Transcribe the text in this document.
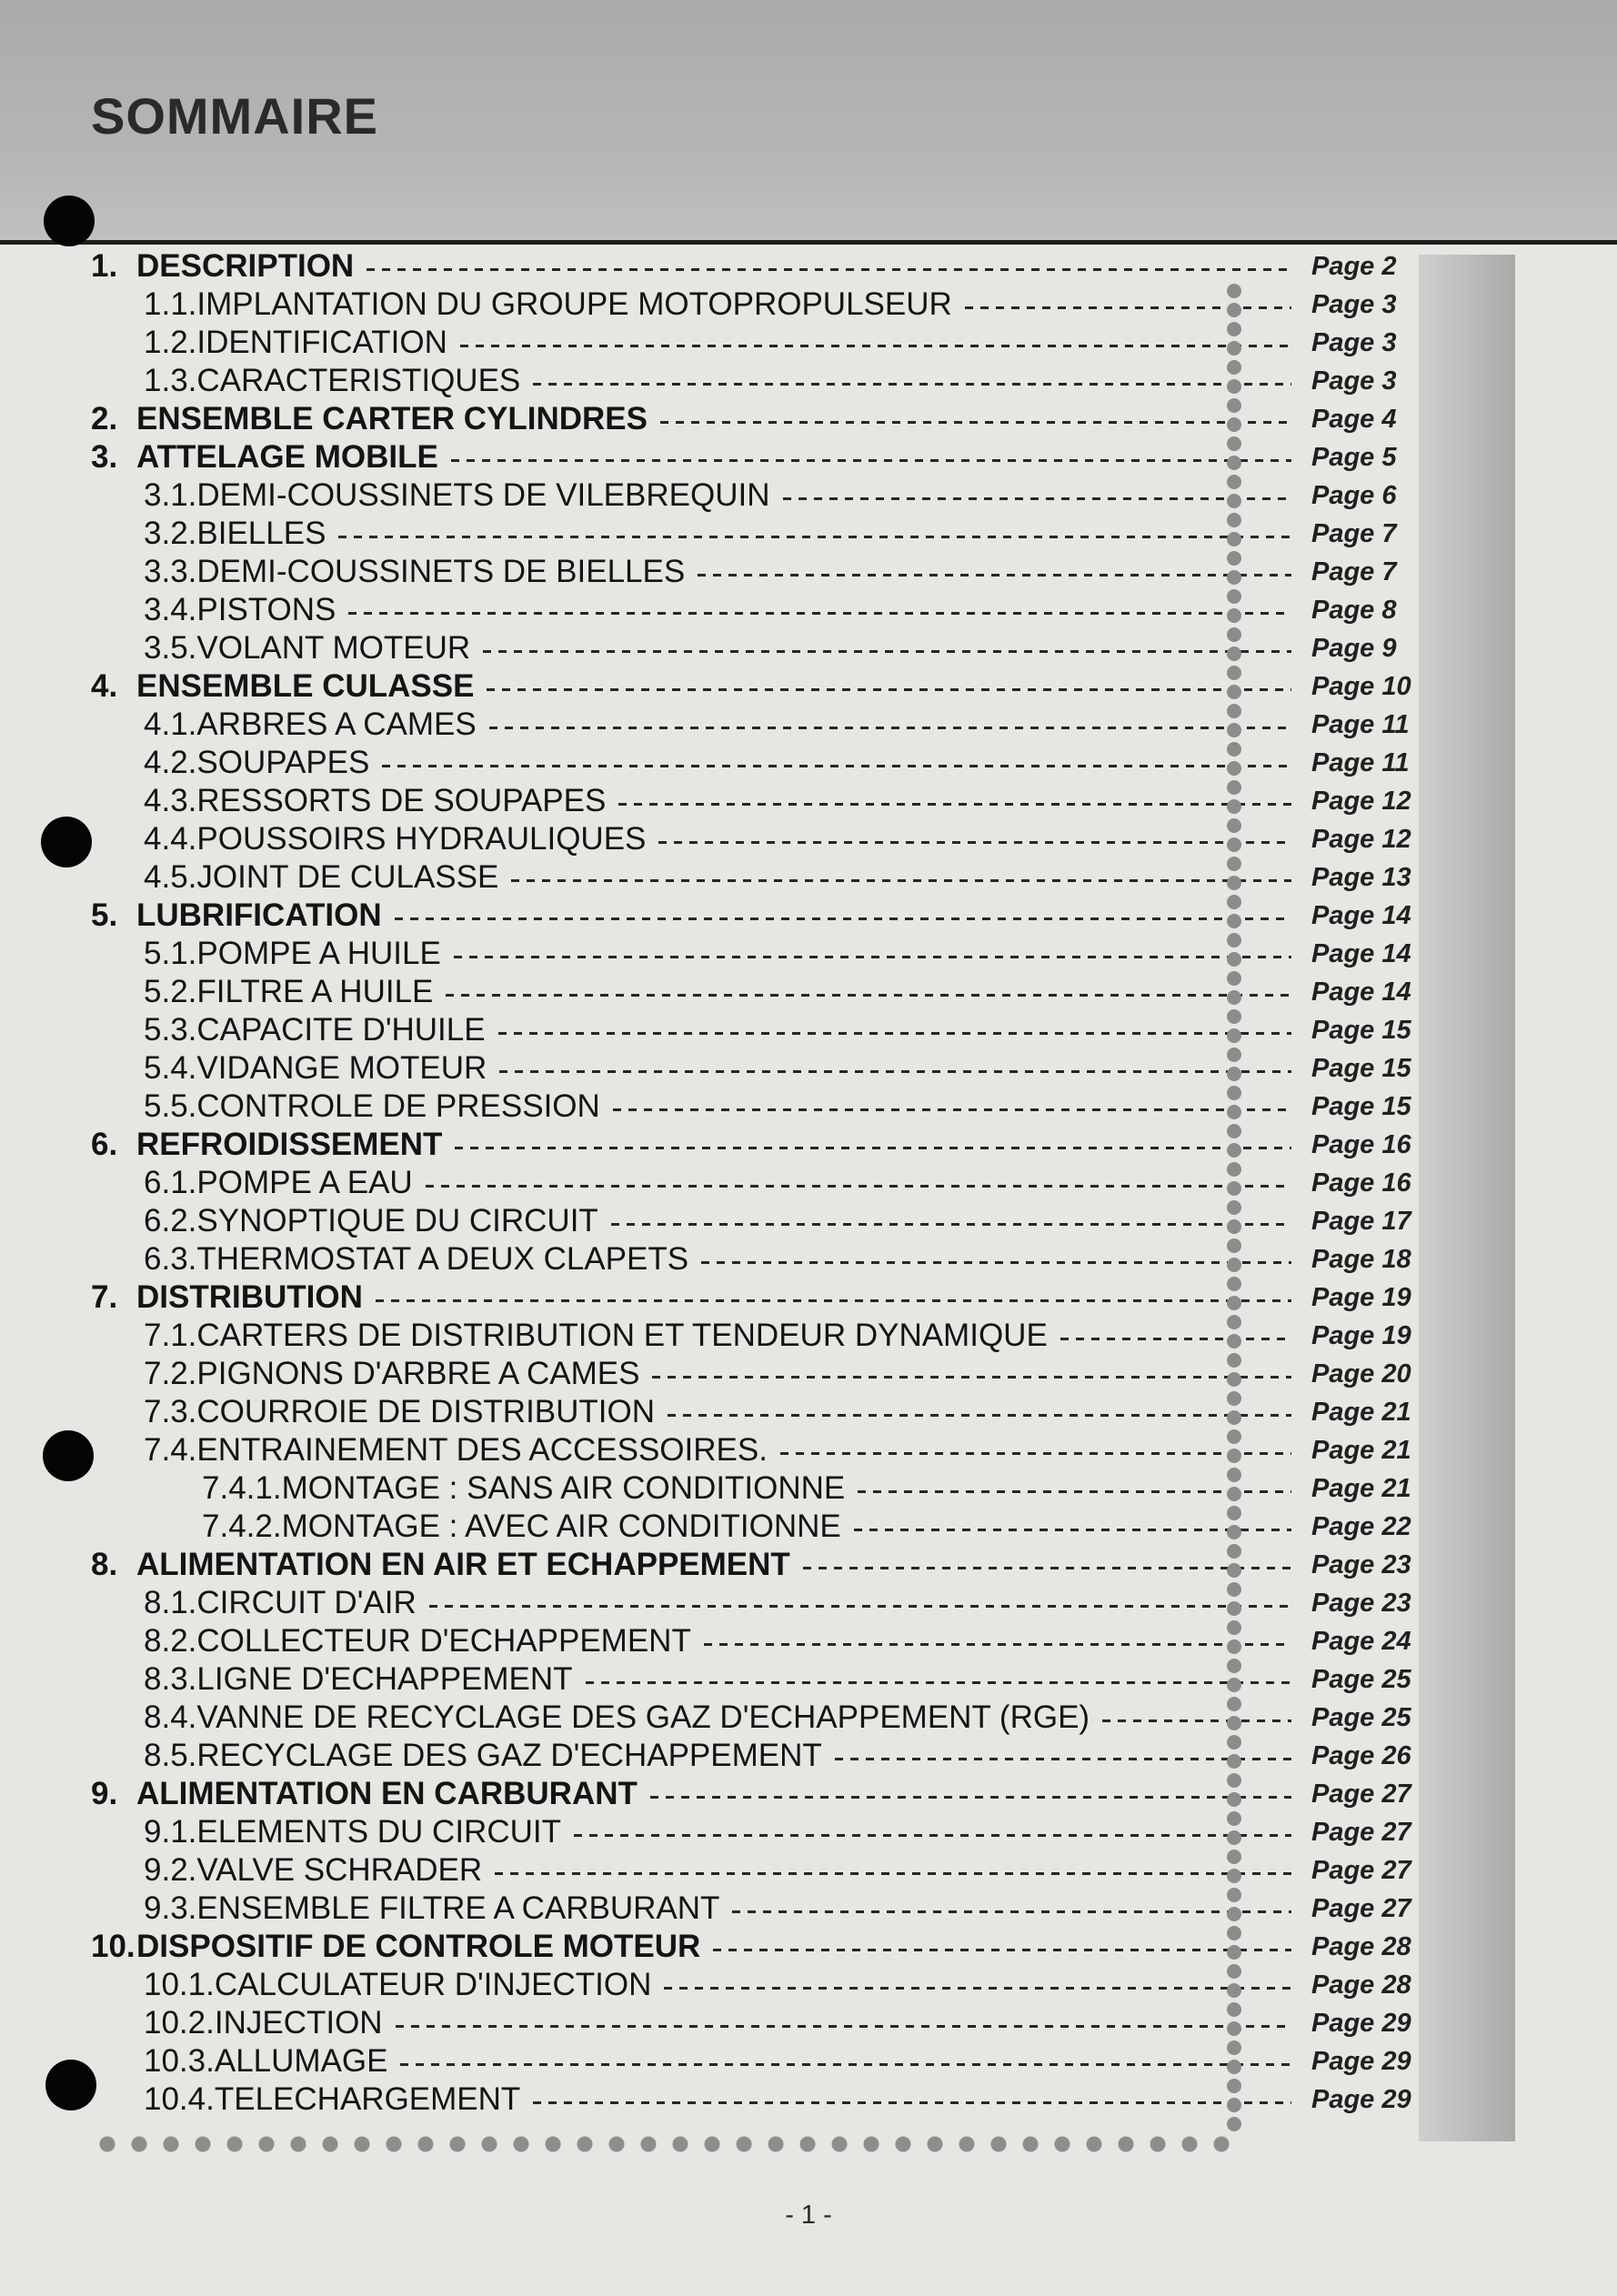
SOMMAIRE
1. DESCRIPTION	Page 2
1.1. IMPLANTATION DU GROUPE MOTOPROPULSEUR	Page 3
1.2. IDENTIFICATION	Page 3
1.3. CARACTERISTIQUES	Page 3
2. ENSEMBLE CARTER CYLINDRES	Page 4
3. ATTELAGE MOBILE	Page 5
3.1. DEMI-COUSSINETS DE VILEBREQUIN	Page 6
3.2. BIELLES	Page 7
3.3. DEMI-COUSSINETS DE BIELLES	Page 7
3.4. PISTONS	Page 8
3.5. VOLANT MOTEUR	Page 9
4. ENSEMBLE CULASSE	Page 10
4.1. ARBRES A CAMES	Page 11
4.2. SOUPAPES	Page 11
4.3. RESSORTS DE SOUPAPES	Page 12
4.4. POUSSOIRS HYDRAULIQUES	Page 12
4.5. JOINT DE CULASSE	Page 13
5. LUBRIFICATION	Page 14
5.1. POMPE A HUILE	Page 14
5.2. FILTRE A HUILE	Page 14
5.3. CAPACITE D'HUILE	Page 15
5.4. VIDANGE MOTEUR	Page 15
5.5. CONTROLE DE PRESSION	Page 15
6. REFROIDISSEMENT	Page 16
6.1. POMPE A EAU	Page 16
6.2. SYNOPTIQUE DU CIRCUIT	Page 17
6.3. THERMOSTAT A DEUX CLAPETS	Page 18
7. DISTRIBUTION	Page 19
7.1. CARTERS DE DISTRIBUTION ET TENDEUR DYNAMIQUE	Page 19
7.2. PIGNONS D'ARBRE A CAMES	Page 20
7.3. COURROIE DE DISTRIBUTION	Page 21
7.4. ENTRAINEMENT DES ACCESSOIRES.	Page 21
7.4.1. MONTAGE : SANS AIR CONDITIONNE	Page 21
7.4.2. MONTAGE : AVEC AIR CONDITIONNE	Page 22
8. ALIMENTATION EN AIR ET ECHAPPEMENT	Page 23
8.1. CIRCUIT D'AIR	Page 23
8.2. COLLECTEUR D'ECHAPPEMENT	Page 24
8.3. LIGNE D'ECHAPPEMENT	Page 25
8.4. VANNE DE RECYCLAGE DES GAZ D'ECHAPPEMENT (RGE)	Page 25
8.5. RECYCLAGE DES GAZ D'ECHAPPEMENT	Page 26
9. ALIMENTATION EN CARBURANT	Page 27
9.1. ELEMENTS DU CIRCUIT	Page 27
9.2. VALVE SCHRADER	Page 27
9.3. ENSEMBLE FILTRE A CARBURANT	Page 27
10. DISPOSITIF DE CONTROLE MOTEUR	Page 28
10.1. CALCULATEUR D'INJECTION	Page 28
10.2. INJECTION	Page 29
10.3. ALLUMAGE	Page 29
10.4. TELECHARGEMENT	Page 29
- 1 -
